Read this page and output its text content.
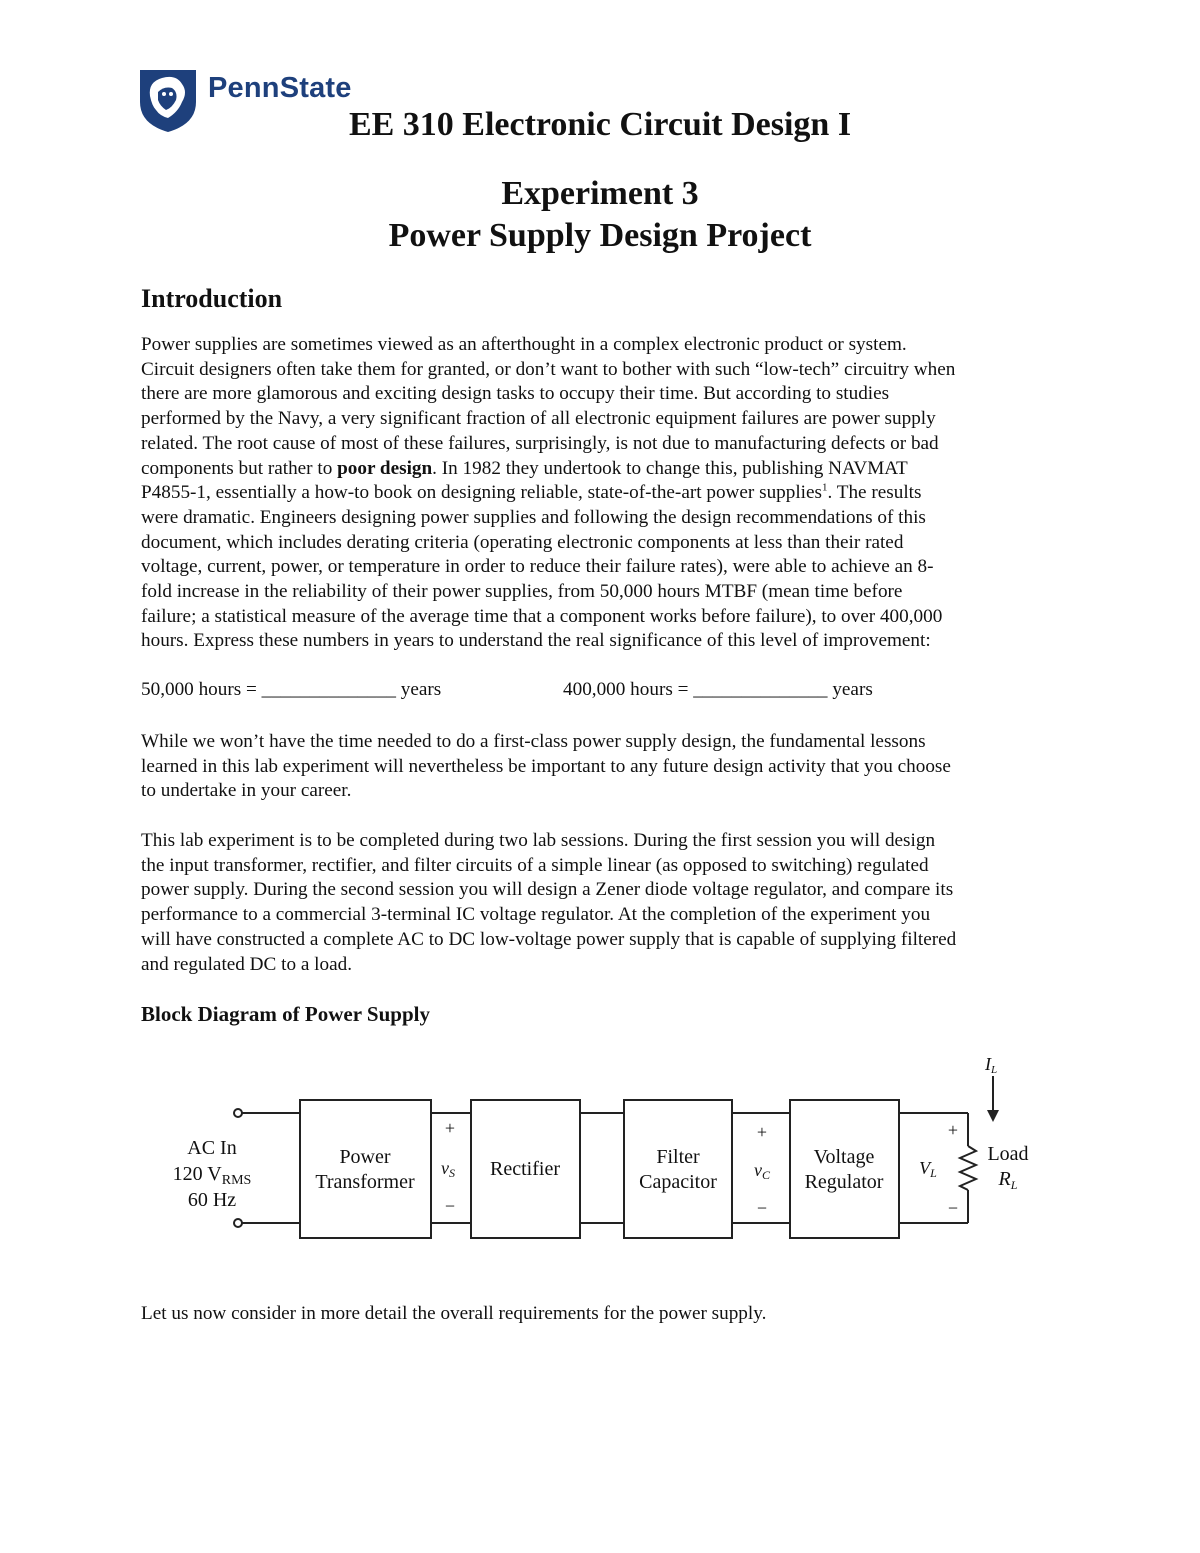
PennState
EE 310 Electronic Circuit Design I
Experiment 3
Power Supply Design Project
Introduction
Power supplies are sometimes viewed as an afterthought in a complex electronic product or system.
Circuit designers often take them for granted, or don’t want to bother with such “low-tech” circuitry when
there are more glamorous and exciting design tasks to occupy their time. But according to studies
performed by the Navy, a very significant fraction of all electronic equipment failures are power supply
related. The root cause of most of these failures, surprisingly, is not due to manufacturing defects or bad
components but rather to poor design. In 1982 they undertook to change this, publishing NAVMAT
P4855-1, essentially a how-to book on designing reliable, state-of-the-art power supplies$^1$. The results
were dramatic. Engineers designing power supplies and following the design recommendations of this
document, which includes derating criteria (operating electronic components at less than their rated
voltage, current, power, or temperature in order to reduce their failure rates), were able to achieve an 8-
fold increase in the reliability of their power supplies, from 50,000 hours MTBF (mean time before
failure; a statistical measure of the average time that a component works before failure), to over 400,000
hours. Express these numbers in years to understand the real significance of this level of improvement:
50,000 hours = ______________ years	400,000 hours = ______________ years
While we won’t have the time needed to do a first-class power supply design, the fundamental lessons
learned in this lab experiment will nevertheless be important to any future design activity that you choose
to undertake in your career.
This lab experiment is to be completed during two lab sessions. During the first session you will design
the input transformer, rectifier, and filter circuits of a simple linear (as opposed to switching) regulated
power supply. During the second session you will design a Zener diode voltage regulator, and compare its
performance to a commercial 3-terminal IC voltage regulator. At the completion of the experiment you
will have constructed a complete AC to DC low-voltage power supply that is capable of supplying filtered
and regulated DC to a load.
Block Diagram of Power Supply
AC In
120 $V_{RMS}$
60 Hz
Power
Transformer
Rectifier
Filter
Capacitor
Voltage
Regulator
Load
$R_L$
+
−
+
−
+
−
vS	vC	VL
IL
Let us now consider in more detail the overall requirements for the power supply.
